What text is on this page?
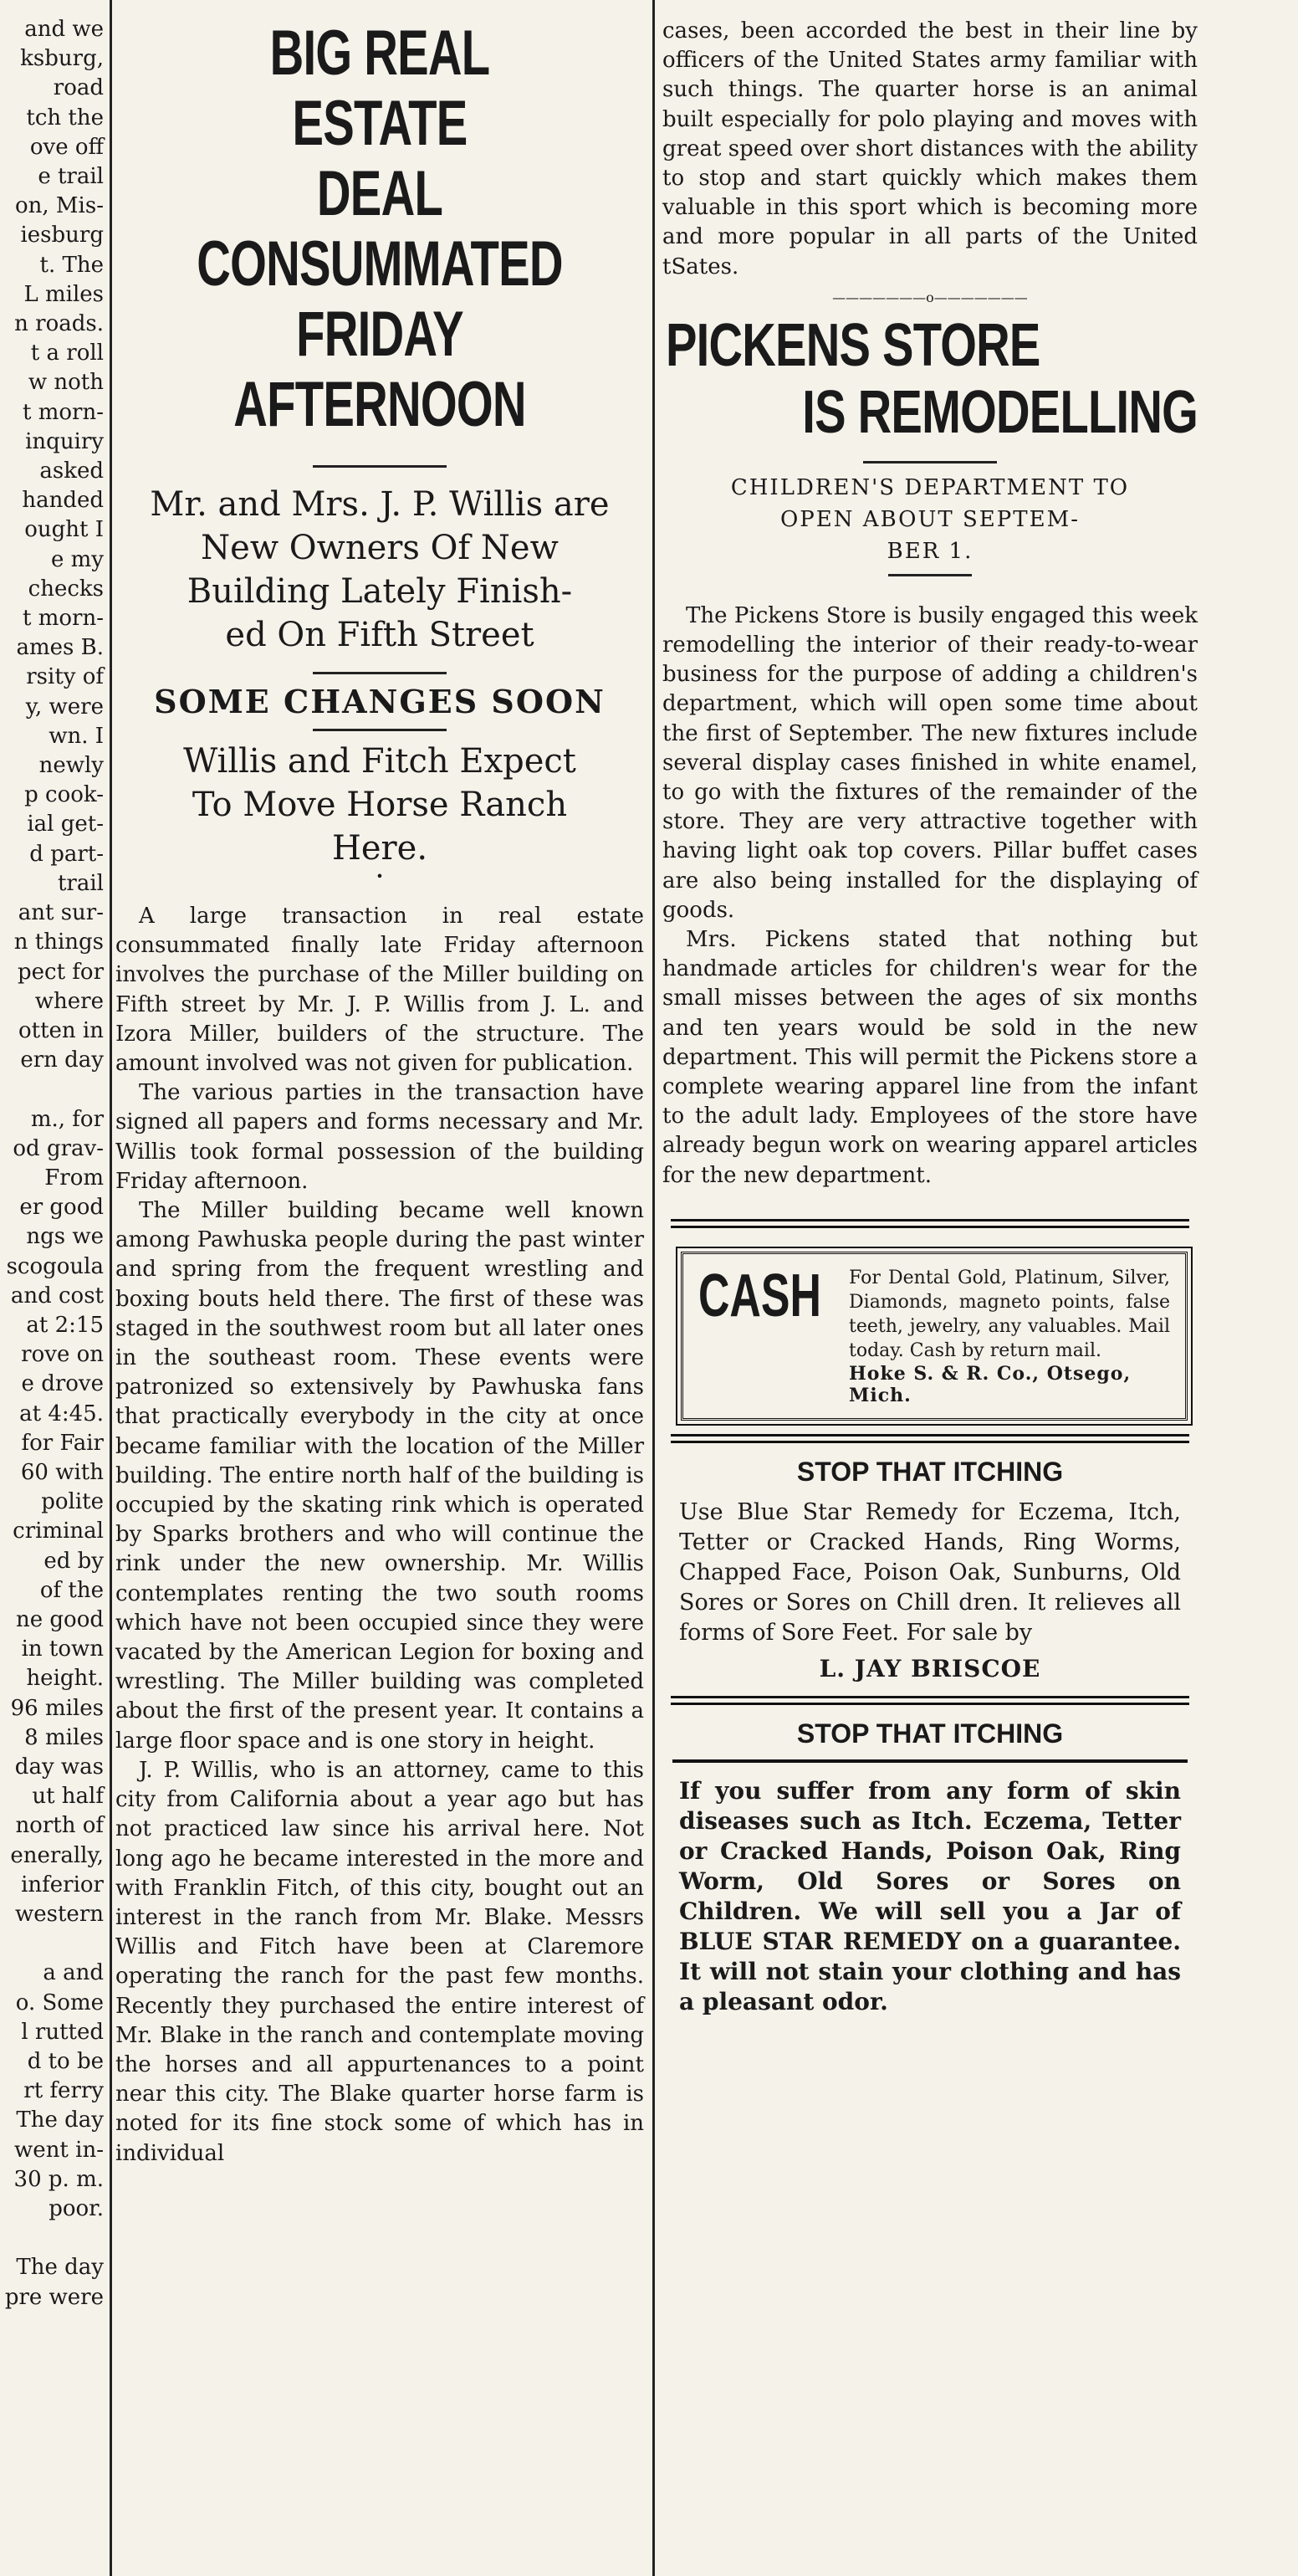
and we
ksburg,
road
tch the
ove off
e trail
on, Mis-
iesburg
t. The
L miles
n roads.
t a roll
w noth
t morn-
inquiry
asked
handed
ought I
e my
checks
t morn-
ames B.
rsity of
y, were
wn. I
newly
p cook-
ial get-
d part-
trail
ant sur-
n things
pect for
where
otten in
ern day

m., for
od grav-
From
er good
ngs we
scogoula
and cost
at 2:15
rove on
e drove
at 4:45.
for Fair
60 with
polite
criminal
ed by
of the
ne good
in town
height.
96 miles
8 miles
day was
ut half
north of
enerally,
inferior
western

a and
o. Some
l rutted
d to be
rt ferry
The day
went in-
30 p. m.
poor.

The day
pre were
BIG REAL ESTATE
DEAL CONSUMMATED
FRIDAY AFTERNOON

Mr. and Mrs. J. P. Willis are

New Owners Of New

Building Lately Finish-

ed On Fifth Street

SOME CHANGES SOON

Willis and Fitch Expect

To Move Horse Ranch

Here.

•

A large transaction in real estate consummated finally late Friday afternoon involves the purchase of the Miller building on Fifth street by Mr. J. P. Willis from J. L. and Izora Miller, builders of the structure. The amount involved was not given for publication.

The various parties in the transaction have signed all papers and forms necessary and Mr. Willis took formal possession of the building Friday afternoon.

The Miller building became well known among Pawhuska people during the past winter and spring from the frequent wrestling and boxing bouts held there. The first of these was staged in the southwest room but all later ones in the southeast room. These events were patronized so extensively by Pawhuska fans that practically everybody in the city at once became familiar with the location of the Miller building. The entire north half of the building is occupied by the skating rink which is operated by Sparks brothers and who will continue the rink under the new ownership. Mr. Willis contemplates renting the two south rooms which have not been occupied since they were vacated by the American Legion for boxing and wrestling. The Miller building was completed about the first of the present year. It contains a large floor space and is one story in height.

J. P. Willis, who is an attorney, came to this city from California about a year ago but has not practiced law since his arrival here. Not long ago he became interested in the more and with Franklin Fitch, of this city, bought out an interest in the ranch from Mr. Blake. Messrs Willis and Fitch have been at Claremore operating the ranch for the past few months. Recently they purchased the entire interest of Mr. Blake in the ranch and contemplate moving the horses and all appurtenances to a point near this city. The Blake quarter horse farm is noted for its fine stock some of which has in individual

cases, been accorded the best in their line by officers of the United States army familiar with such things. The quarter horse is an animal built especially for polo playing and moves with great speed over short distances with the ability to stop and start quickly which makes them valuable in this sport which is becoming more and more popular in all parts of the United tSates.

———————o———————
PICKENS STORE
IS REMODELLING

CHILDREN'S DEPARTMENT TO

OPEN ABOUT SEPTEM-

BER 1.

The Pickens Store is busily engaged this week remodelling the interior of their ready-to-wear business for the purpose of adding a children's department, which will open some time about the first of September. The new fixtures include several display cases finished in white enamel, to go with the fixtures of the remainder of the store. They are very attractive together with having light oak top covers. Pillar buffet cases are also being installed for the displaying of goods.

Mrs. Pickens stated that nothing but handmade articles for children's wear for the small misses between the ages of six months and ten years would be sold in the new department. This will permit the Pickens store a complete wearing apparel line from the infant to the adult lady. Employees of the store have already begun work on wearing apparel articles for the new department.

CASH For Dental Gold, Platinum, Silver, Diamonds, magneto points, false teeth, jewelry, any valuables. Mail today. Cash by return mail.
Hoke S. & R. Co., Otsego, Mich.
STOP THAT ITCHING

Use Blue Star Remedy for Eczema, Itch, Tetter or Cracked Hands, Ring Worms, Chapped Face, Poison Oak, Sunburns, Old Sores or Sores on Chill dren. It relieves all forms of Sore Feet. For sale by

L. JAY BRISCOE
STOP THAT ITCHING

If you suffer from any form of skin diseases such as Itch. Eczema, Tetter or Cracked Hands, Poison Oak, Ring Worm, Old Sores or Sores on Children. We will sell you a Jar of BLUE STAR REMEDY on a guarantee. It will not stain your clothing and has a pleasant odor.
